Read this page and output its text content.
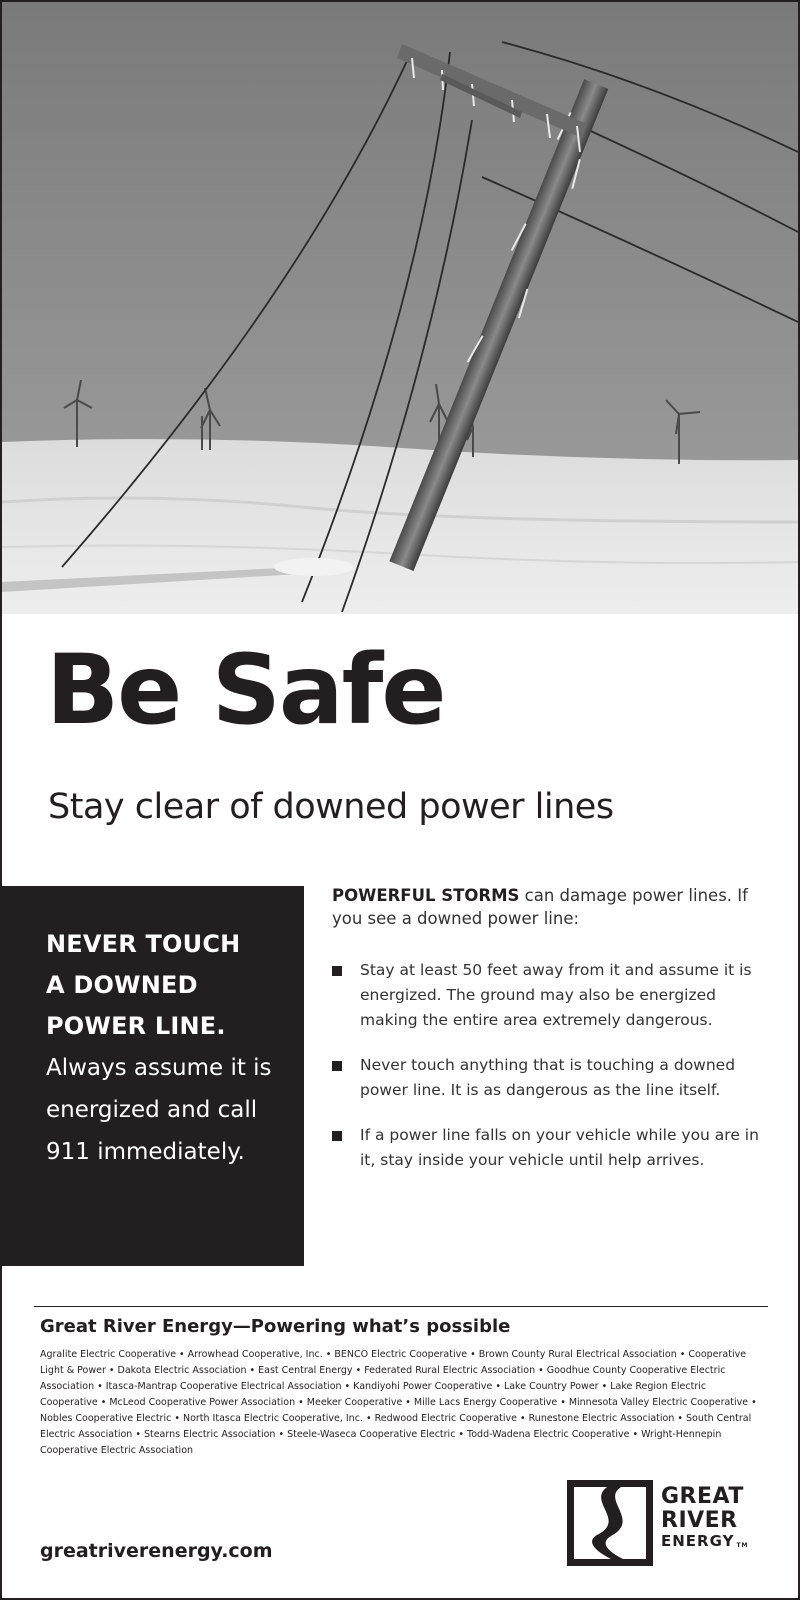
Be Safe

Stay clear of downed power lines

NEVER TOUCH
A DOWNED
POWER LINE.

Always assume it is energized and call 911 immediately.

POWERFUL STORMS can damage power lines. If you see a downed power line:

Stay at least 50 feet away from it and assume it is energized. The ground may also be energized making the entire area extremely dangerous.
Never touch anything that is touching a downed power line. It is as dangerous as the line itself.
If a power line falls on your vehicle while you are in it, stay inside your vehicle until help arrives.

Great River Energy—Powering what’s possible

Agralite Electric Cooperative • Arrowhead Cooperative, Inc. • BENCO Electric Cooperative • Brown County Rural Electrical Association • Cooperative Light & Power • Dakota Electric Association • East Central Energy • Federated Rural Electric Association • Goodhue County Cooperative Electric Association • Itasca-Mantrap Cooperative Electrical Association • Kandiyohi Power Cooperative • Lake Country Power • Lake Region Electric Cooperative • McLeod Cooperative Power Association • Meeker Cooperative • Mille Lacs Energy Cooperative • Minnesota Valley Electric Cooperative • Nobles Cooperative Electric • North Itasca Electric Cooperative, Inc. • Redwood Electric Cooperative • Runestone Electric Association • South Central Electric Association • Stearns Electric Association • Steele-Waseca Cooperative Electric • Todd-Wadena Electric Cooperative • Wright-Hennepin Cooperative Electric Association

greatriverenergy.com

GREAT
RIVER
ENERGY TM
